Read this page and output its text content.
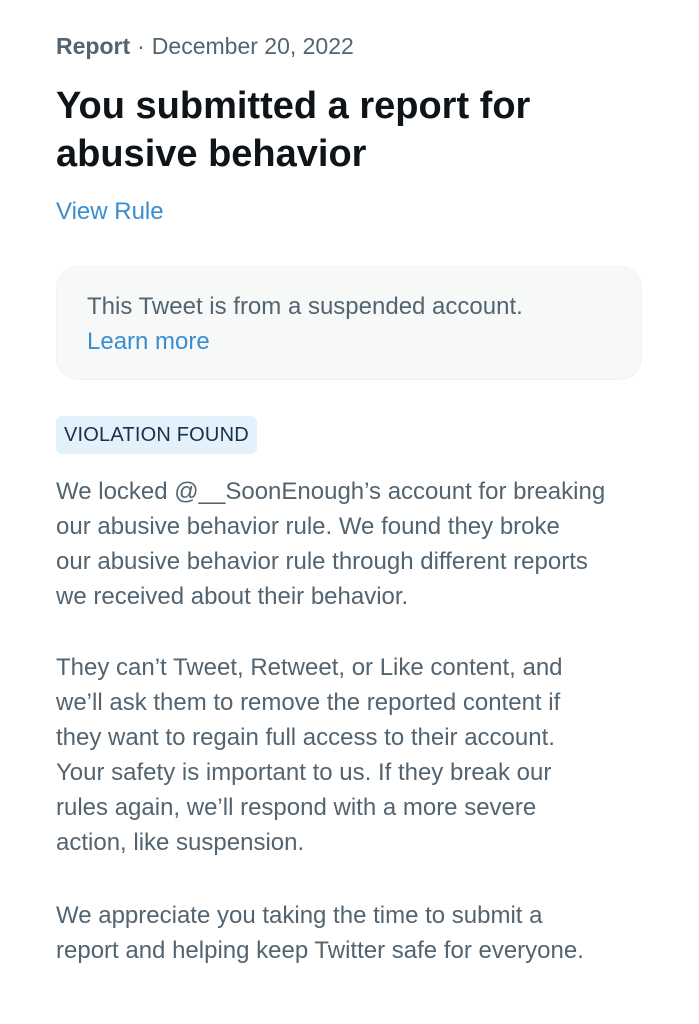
Report · December 20, 2022
You submitted a report for
abusive behavior
View Rule
This Tweet is from a suspended account.
Learn more
VIOLATION FOUND

We locked @__SoonEnough’s account for breaking
our abusive behavior rule. We found they broke
our abusive behavior rule through different reports
we received about their behavior.

They can’t Tweet, Retweet, or Like content, and
we’ll ask them to remove the reported content if
they want to regain full access to their account.
Your safety is important to us. If they break our
rules again, we’ll respond with a more severe
action, like suspension.

We appreciate you taking the time to submit a
report and helping keep Twitter safe for everyone.
